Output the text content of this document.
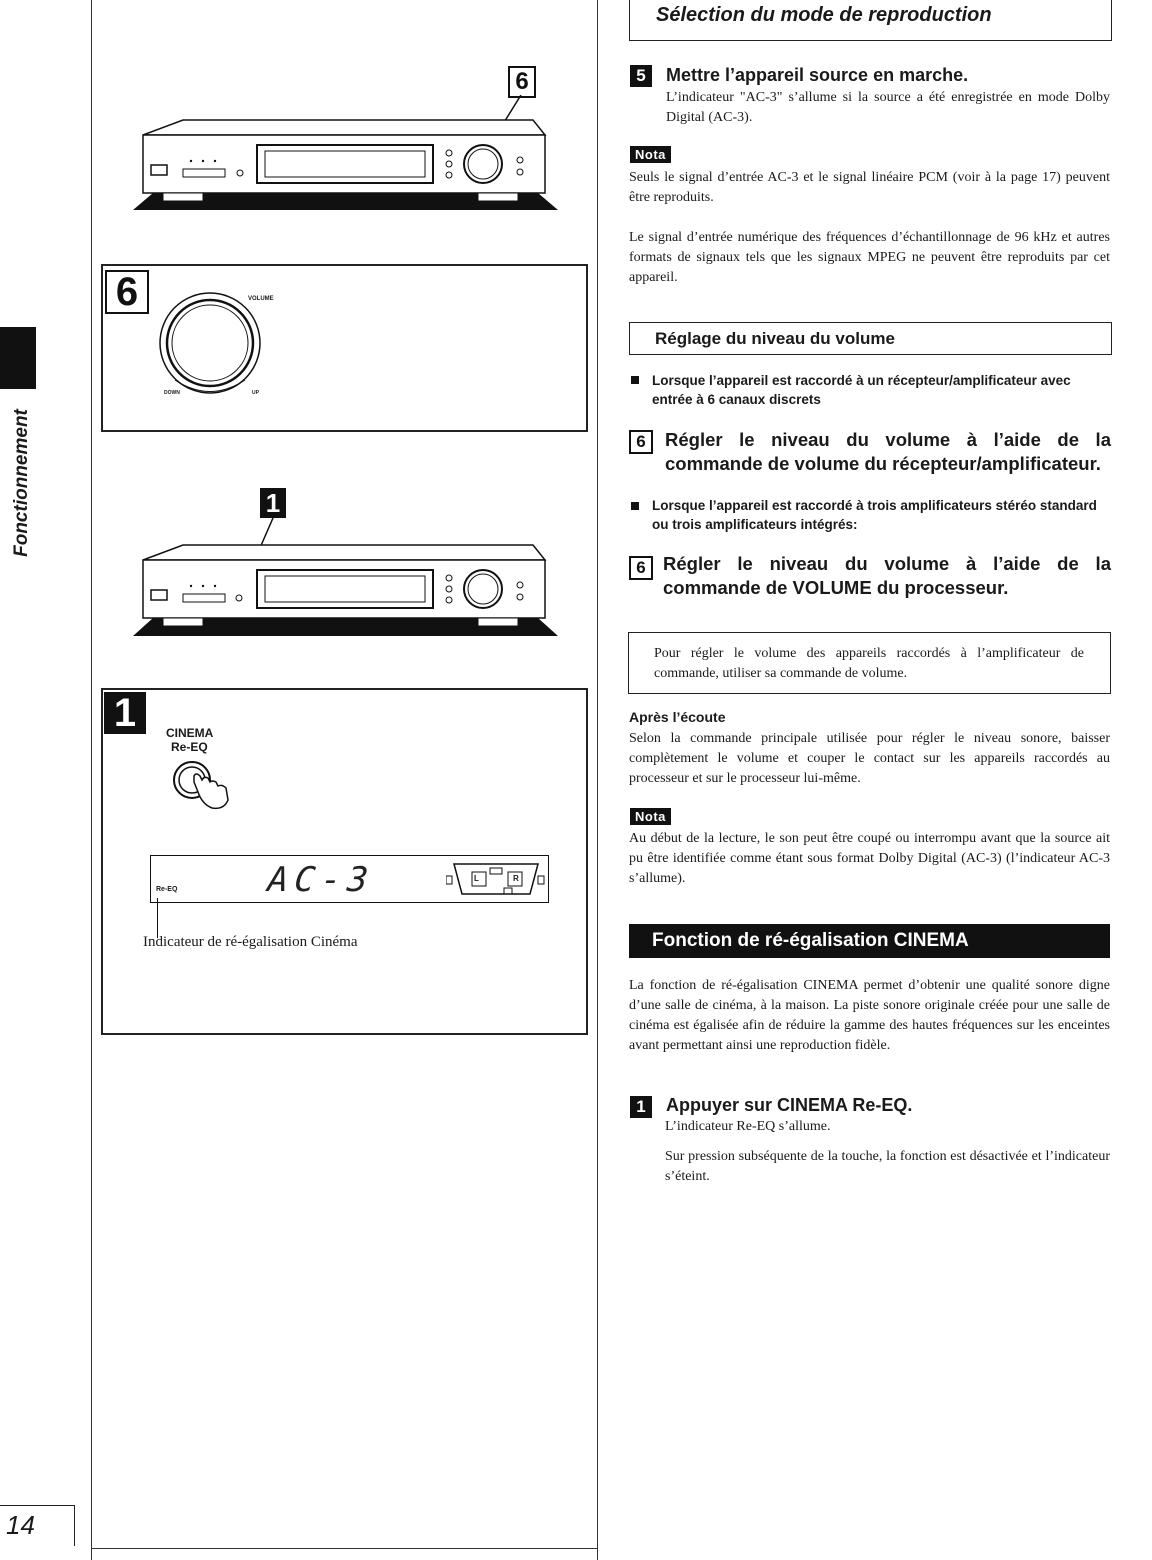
Fonctionnement
14
6
6	VOLUME
DOWN	UP
1
1	CINEMA
Re-EQ
Re-EQ	AC-3	L	R
Indicateur de ré-égalisation Cinéma
Sélection du mode de reproduction
5	Mettre l’appareil source en marche.
L’indicateur "AC-3" s’allume si la source a été enregistrée en mode Dolby Digital (AC-3).
Nota
Seuls le signal d’entrée AC-3 et le signal linéaire PCM (voir à la page 17) peuvent être reproduits.
Le signal d’entrée numérique des fréquences d’échantillonnage de 96 kHz et autres formats de signaux tels que les signaux MPEG ne peuvent être reproduits par cet appareil.
Réglage du niveau du volume
Lorsque l’appareil est raccordé à un récepteur/amplificateur avec entrée à 6 canaux discrets
6	Régler le niveau du volume à l’aide de la commande de volume du récepteur/amplificateur.
Lorsque l’appareil est raccordé à trois amplificateurs stéréo standard ou trois amplificateurs intégrés:
6 Régler le niveau du volume à l’aide de la commande de VOLUME du processeur.
Pour régler le volume des appareils raccordés à l’amplificateur de commande, utiliser sa commande de volume.
Après l’écoute
Selon la commande principale utilisée pour régler le niveau sonore, baisser complètement le volume et couper le contact sur les appareils raccordés au processeur et sur le processeur lui-même.
Nota
Au début de la lecture, le son peut être coupé ou interrompu avant que la source ait pu être identifiée comme étant sous format Dolby Digital (AC-3) (l’indicateur AC-3 s’allume).
Fonction de ré-égalisation CINEMA
La fonction de ré-égalisation CINEMA permet d’obtenir une qualité sonore digne d’une salle de cinéma, à la maison. La piste sonore originale créée pour une salle de cinéma est égalisée afin de réduire la gamme des hautes fréquences sur les enceintes avant permettant ainsi une reproduction fidèle.
1	Appuyer sur CINEMA Re-EQ.
L’indicateur Re-EQ s’allume.
Sur pression subséquente de la touche, la fonction est désactivée et l’indicateur s’éteint.
